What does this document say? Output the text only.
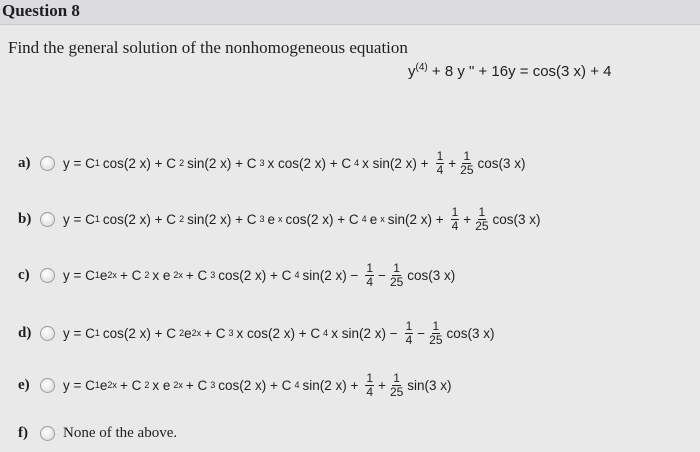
Question 8
Find the general solution of the nonhomogeneous equation
$y^{(4)} + 8$ y " + 16y = cos(3 x) + 4
a)	y = C 1 cos(2 x) + C 2 sin(2 x) + C 3 x cos(2 x) + C 4 x sin(2 $x) + \frac{1}{4} + \frac{1}{25} \cos(3$ x)
b)	y = C 1 cos(2 x) + C 2 sin(2 x) + C 3 e x cos(2 x) + C 4 e x sin(2 $x) + \frac{1}{4} + \frac{1}{25} \cos(3$ x)
c)	y = C 1 e 2x + C 2 x e 2x + C 3 cos(2 x) + C 4 sin(2 $x) - \frac{1}{4} - \frac{1}{25} \cos(3$ x)
d)	y = C 1 cos(2 x) + C 2 e 2x + C 3 x cos(2 x) + C 4 x sin(2 $x) - \frac{1}{4} - \frac{1}{25} \cos(3$ x)
e)	y = C 1 e 2x + C 2 x e 2x + C 3 cos(2 x) + C 4 sin(2 $x) + \frac{1}{4} + \frac{1}{25} \sin(3$ x)
f)	None of the above.
